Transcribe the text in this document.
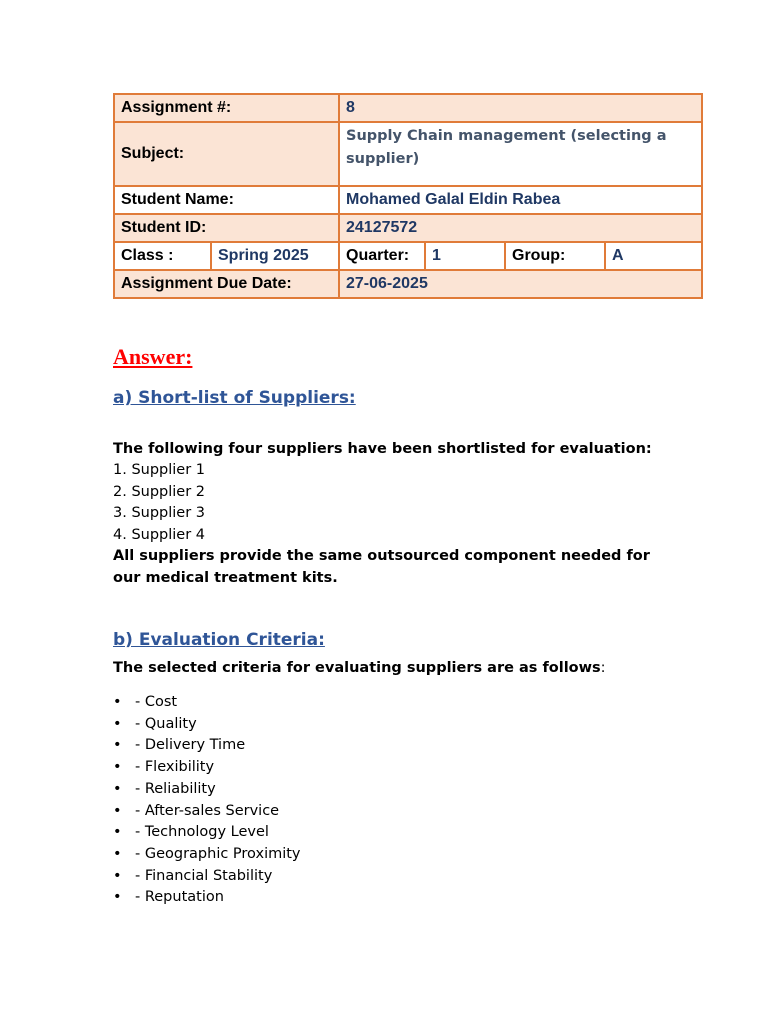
Assignment #:		8			
Subject:		Supply Chain management (selecting a supplier)			

Student Name:		Mohamed Galal Eldin Rabea			
Student ID:		24127572			
Class :	Spring 2025	Quarter:	1	Group:	A
Assignment Due Date:		27-06-2025			
Answer:
a) Short-list of Suppliers:
The following four suppliers have been shortlisted for evaluation:
1. Supplier 1
2. Supplier 2
3. Supplier 3
4. Supplier 4
All suppliers provide the same outsourced component needed for our medical treatment kits.
b) Evaluation Criteria:
The selected criteria for evaluating suppliers are as follows:
• - Cost
• - Quality
• - Delivery Time
• - Flexibility
• - Reliability
• - After-sales Service
• - Technology Level
• - Geographic Proximity
• - Financial Stability
• - Reputation
